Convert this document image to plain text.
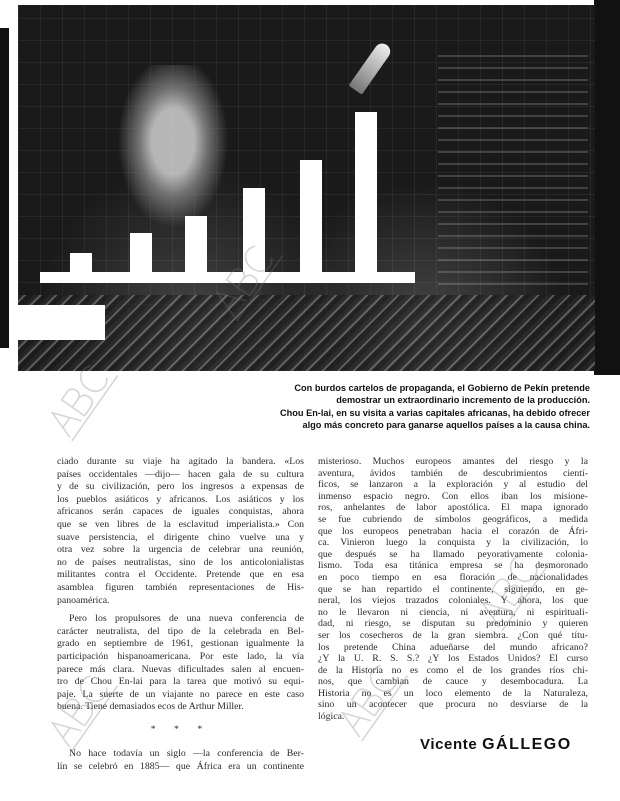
Con burdos cartelos de propaganda, el Gobierno de Pekín pretende
demostrar un extraordinario incremento de la producción.
Chou En-lai, en su visita a varias capitales africanas, ha debido ofrecer
algo más concreto para ganarse aquellos países a la causa china.
ciado durante su viaje ha agitado la bandera. «Los
países occidentales —dijo— hacen gala de su cultura
y de su civilización, pero los ingresos a expensas de
los pueblos asiáticos y africanos. Los asiáticos y los
africanos serán capaces de iguales conquistas, ahora
que se ven libres de la esclavitud imperialista.» Con
suave persistencia, el dirigente chino vuelve una y
otra vez sobre la urgencia de celebrar una reunión,
no de países neutralistas, sino de los anticolonialistas
militantes contra el Occidente. Pretende que en esa
asamblea figuren también representaciones de His-
panoamérica.
Pero los propulsores de una nueva conferencia de
carácter neutralista, del tipo de la celebrada en Bel-
grado en septiembre de 1961, gestionan igualmente la
participación hispanoamericana. Por este lado, la vía
parece más clara. Nuevas dificultades salen al encuen-
tro de Chou En-lai para la tarea que motivó su equi-
paje. La suerte de un viajante no parece en este caso
buena. Tiene demasiados ecos de Arthur Miller.
* * *
No hace todavía un siglo —la conferencia de Ber-
lín se celebró en 1885— que África era un continente
misterioso. Muchos europeos amantes del riesgo y la
aventura, ávidos también de descubrimientos cientí-
ficos, se lanzaron a la exploración y al estudio del
inmenso espacio negro. Con ellos iban los misione-
ros, anhelantes de labor apostólica. El mapa ignorado
se fue cubriendo de símbolos geográficos, a medida
que los europeos penetraban hacia el corazón de Áfri-
ca. Vinieron luego la conquista y la civilización, lo
que después se ha llamado peyorativamente colonia-
lismo. Toda esa titánica empresa se ha desmoronado
en poco tiempo en esa floración de nacionalidades
que se han repartido el continente, siguiendo, en ge-
neral, los viejos trazados coloniales. Y ahora, los que
no le llevaron ni ciencia, ni aventura, ni espirituali-
dad, ni riesgo, se disputan su predominio y quieren
ser los cosecheros de la gran siembra. ¿Con qué títu-
los pretende China adueñarse del mundo africano?
¿Y la U. R. S. S.? ¿Y los Estados Unidos? El curso
de la Historia no es como el de los grandes ríos chi-
nos, que cambian de cauce y desembocadura. La
Historia no es un loco elemento de la Naturaleza,
sino un acontecer que procura no desviarse de la
lógica.
Vicente GÁLLEGO
